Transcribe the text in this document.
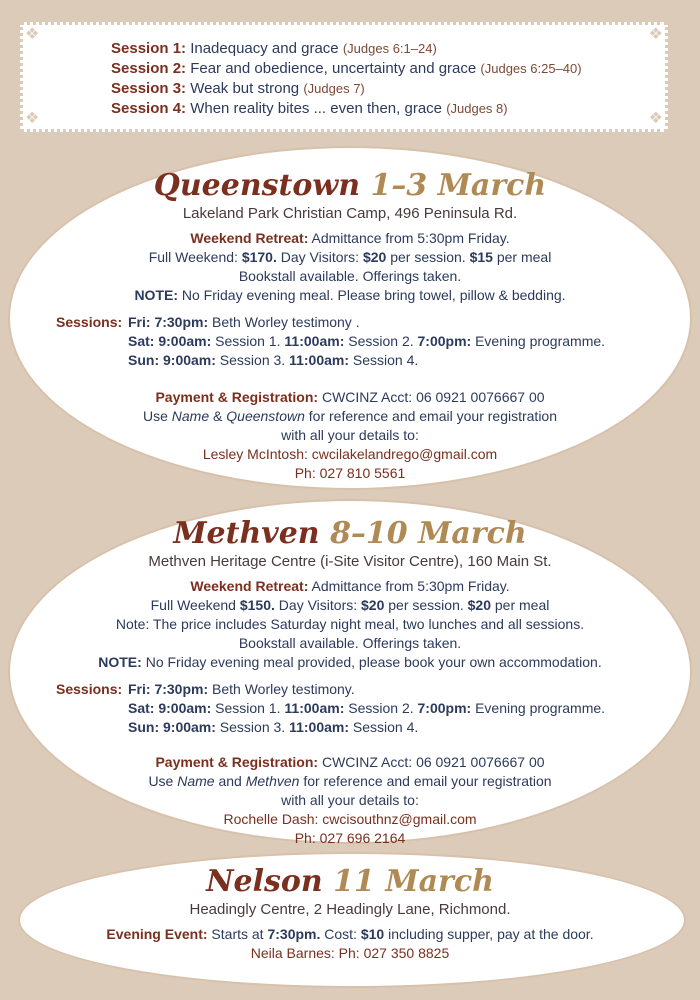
❖	❖
❖	❖
Session 1: Inadequacy and grace (Judges 6:1–24)
Session 2: Fear and obedience, uncertainty and grace (Judges 6:25–40)
Session 3: Weak but strong (Judges 7)
Session 4: When reality bites ... even then, grace (Judges 8)
Queenstown 1–3 March
Lakeland Park Christian Camp, 496 Peninsula Rd.
Weekend Retreat: Admittance from 5:30pm Friday.
Full Weekend: $170. Day Visitors: $20 per session. $15 per meal
Bookstall available. Offerings taken.
NOTE: No Friday evening meal. Please bring towel, pillow & bedding.
Sessions: Fri: 7:30pm: Beth Worley testimony .
Sat: 9:00am: Session 1. 11:00am: Session 2. 7:00pm: Evening programme.
Sun: 9:00am: Session 3. 11:00am: Session 4.
Payment & Registration: CWCINZ Acct: 06 0921 0076667 00
Use Name & Queenstown for reference and email your registration
with all your details to:
Lesley McIntosh: cwcilakelandrego@gmail.com
Ph: 027 810 5561
Methven 8–10 March
Methven Heritage Centre (i-Site Visitor Centre), 160 Main St.
Weekend Retreat: Admittance from 5:30pm Friday.
Full Weekend $150. Day Visitors: $20 per session. $20 per meal
Note: The price includes Saturday night meal, two lunches and all sessions.
Bookstall available. Offerings taken.
NOTE: No Friday evening meal provided, please book your own accommodation.
Sessions: Fri: 7:30pm: Beth Worley testimony.
Sat: 9:00am: Session 1. 11:00am: Session 2. 7:00pm: Evening programme.
Sun: 9:00am: Session 3. 11:00am: Session 4.
Payment & Registration: CWCINZ Acct: 06 0921 0076667 00
Use Name and Methven for reference and email your registration
with all your details to:
Rochelle Dash: cwcisouthnz@gmail.com
Ph: 027 696 2164
Nelson 11 March
Headingly Centre, 2 Headingly Lane, Richmond.
Evening Event: Starts at 7:30pm. Cost: $10 including supper, pay at the door.
Neila Barnes: Ph: 027 350 8825
